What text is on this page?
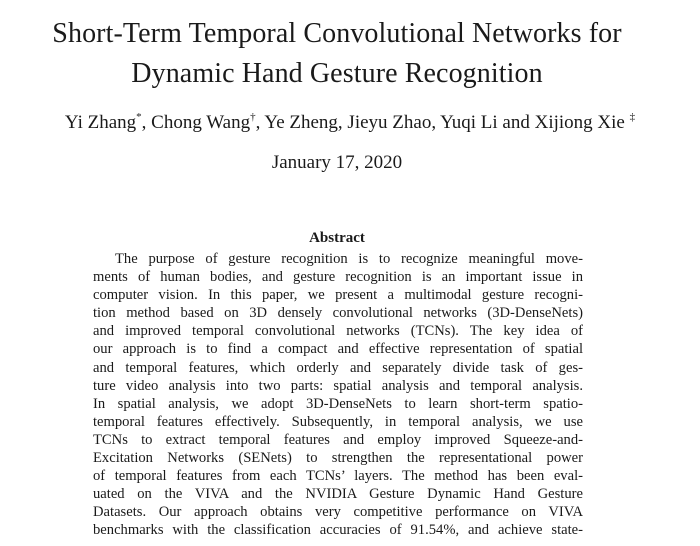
Short-Term Temporal Convolutional Networks for
Dynamic Hand Gesture Recognition
Yi Zhang*, Chong Wang†, Ye Zheng, Jieyu Zhao, Yuqi Li and Xijiong Xie ‡
January 17, 2020
Abstract
The purpose of gesture recognition is to recognize meaningful move-
ments of human bodies, and gesture recognition is an important issue in
computer vision. In this paper, we present a multimodal gesture recogni-
tion method based on 3D densely convolutional networks (3D-DenseNets)
and improved temporal convolutional networks (TCNs). The key idea of
our approach is to find a compact and effective representation of spatial
and temporal features, which orderly and separately divide task of ges-
ture video analysis into two parts: spatial analysis and temporal analysis.
In spatial analysis, we adopt 3D-DenseNets to learn short-term spatio-
temporal features effectively. Subsequently, in temporal analysis, we use
TCNs to extract temporal features and employ improved Squeeze-and-
Excitation Networks (SENets) to strengthen the representational power
of temporal features from each TCNs’ layers. The method has been eval-
uated on the VIVA and the NVIDIA Gesture Dynamic Hand Gesture
Datasets. Our approach obtains very competitive performance on VIVA
benchmarks with the classification accuracies of 91.54%, and achieve state-
